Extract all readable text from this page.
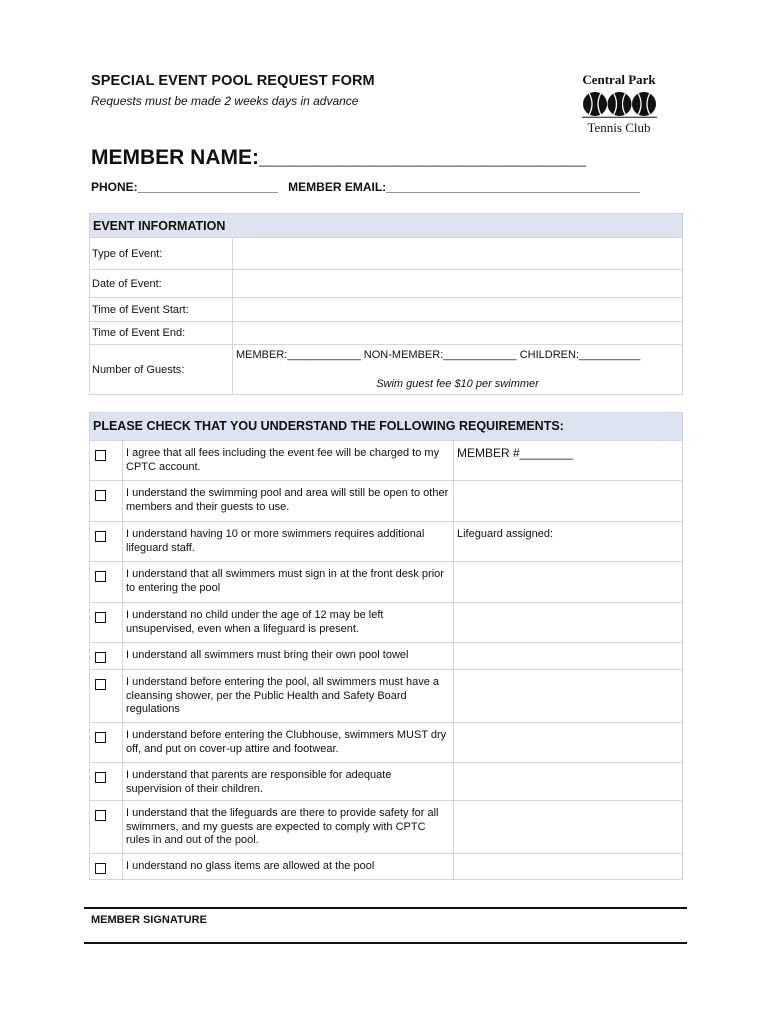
SPECIAL EVENT POOL REQUEST FORM
Requests must be made 2 weeks days in advance
Central Park
Tennis Club
MEMBER NAME:____________________________
PHONE:_____________________ MEMBER EMAIL:______________________________________
EVENT INFORMATION	
Type of Event:	
Date of Event:	
Time of Event Start:	
Time of Event End:	
Number of Guests:	MEMBER:____________ NON-MEMBER:____________ CHILDREN:__________
Swim guest fee $10 per swimmer
PLEASE CHECK THAT YOU UNDERSTAND THE FOLLOWING REQUIREMENTS:		

	I agree that all fees including the event fee will be charged to my CPTC account.	MEMBER #________

	I understand the swimming pool and area will still be open to other members and their guests to use.	

	I understand having 10 or more swimmers requires additional lifeguard staff.	Lifeguard assigned:

	I understand that all swimmers must sign in at the front desk prior to entering the pool	

	I understand no child under the age of 12 may be left unsupervised, even when a lifeguard is present.	

	I understand all swimmers must bring their own pool towel	

	I understand before entering the pool, all swimmers must have a cleansing shower, per the Public Health and Safety Board regulations	

	I understand before entering the Clubhouse, swimmers MUST dry off, and put on cover-up attire and footwear.	

	I understand that parents are responsible for adequate supervision of their children.	

	I understand that the lifeguards are there to provide safety for all swimmers, and my guests are expected to comply with CPTC rules in and out of the pool.	

	I understand no glass items are allowed at the pool	
MEMBER SIGNATURE
